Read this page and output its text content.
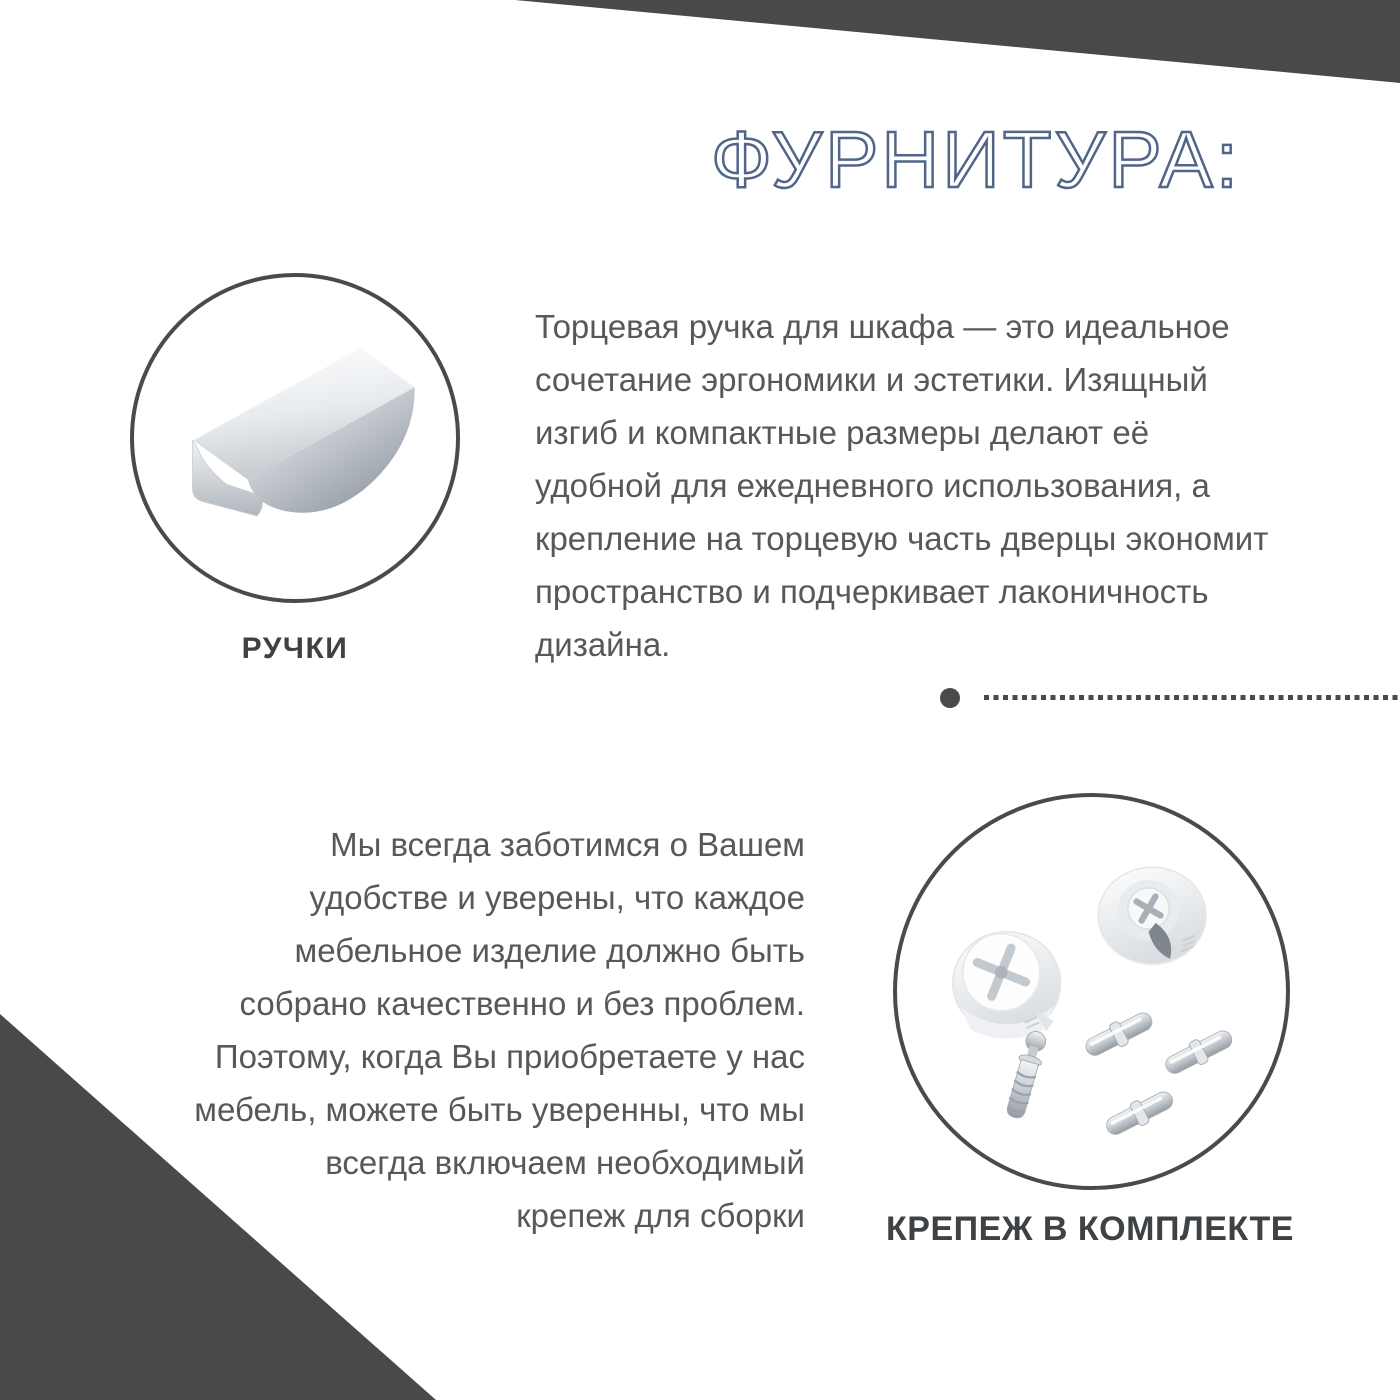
ФУРНИТУРА:
РУЧКИ
Торцевая ручка для шкафа — это идеальное
сочетание эргономики и эстетики. Изящный
изгиб и компактные размеры делают её
удобной для ежедневного использования, а
крепление на торцевую часть дверцы экономит
пространство и подчеркивает лаконичность
дизайна.
Мы всегда заботимся о Вашем
удобстве и уверены, что каждое
мебельное изделие должно быть
собрано качественно и без проблем.
Поэтому, когда Вы приобретаете у нас
мебель, можете быть уверенны, что мы
всегда включаем необходимый
крепеж для сборки	КРЕПЕЖ В КОМПЛЕКТЕ
